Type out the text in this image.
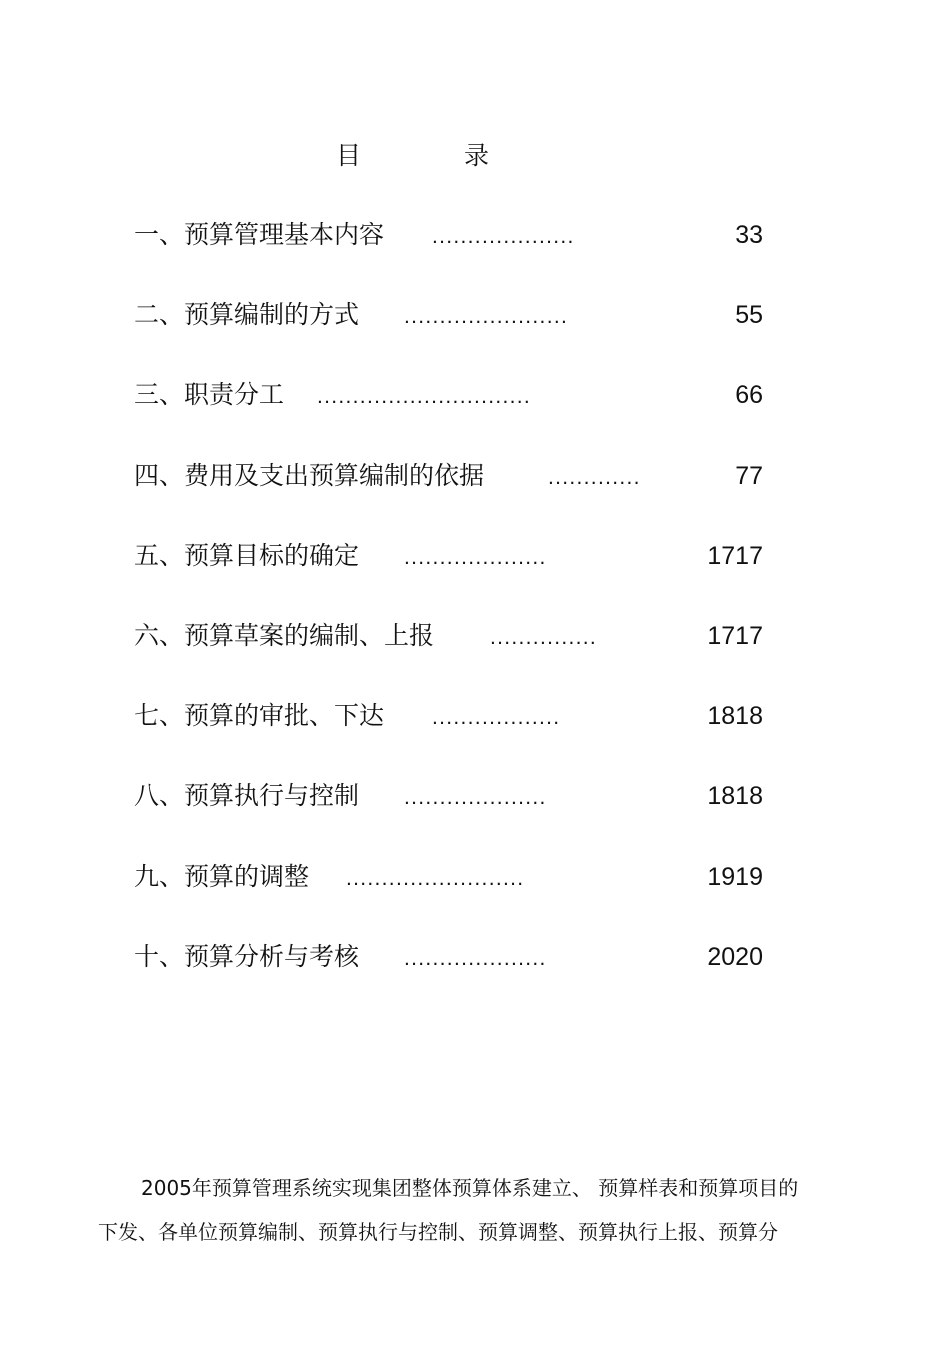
目	录
一、预算管理基本内容 ....................	33
二、预算编制的方式 .......................	55
三、职责分工 ..............................	66
四、费用及支出预算编制的依据	.............	77
五、预算目标的确定 ....................	1717
六、预算草案的编制、上报	...............	1717
七、预算的审批、下达 ..................	1818
八、预算执行与控制 ....................	1818
九、预算的调整 .........................	1919
十、预算分析与考核 ....................	2020

2005年预算管理系统实现集团整体预算体系建立、 预算样表和预算项目的
下发、各单位预算编制、预算执行与控制、预算调整、预算执行上报、预算分
